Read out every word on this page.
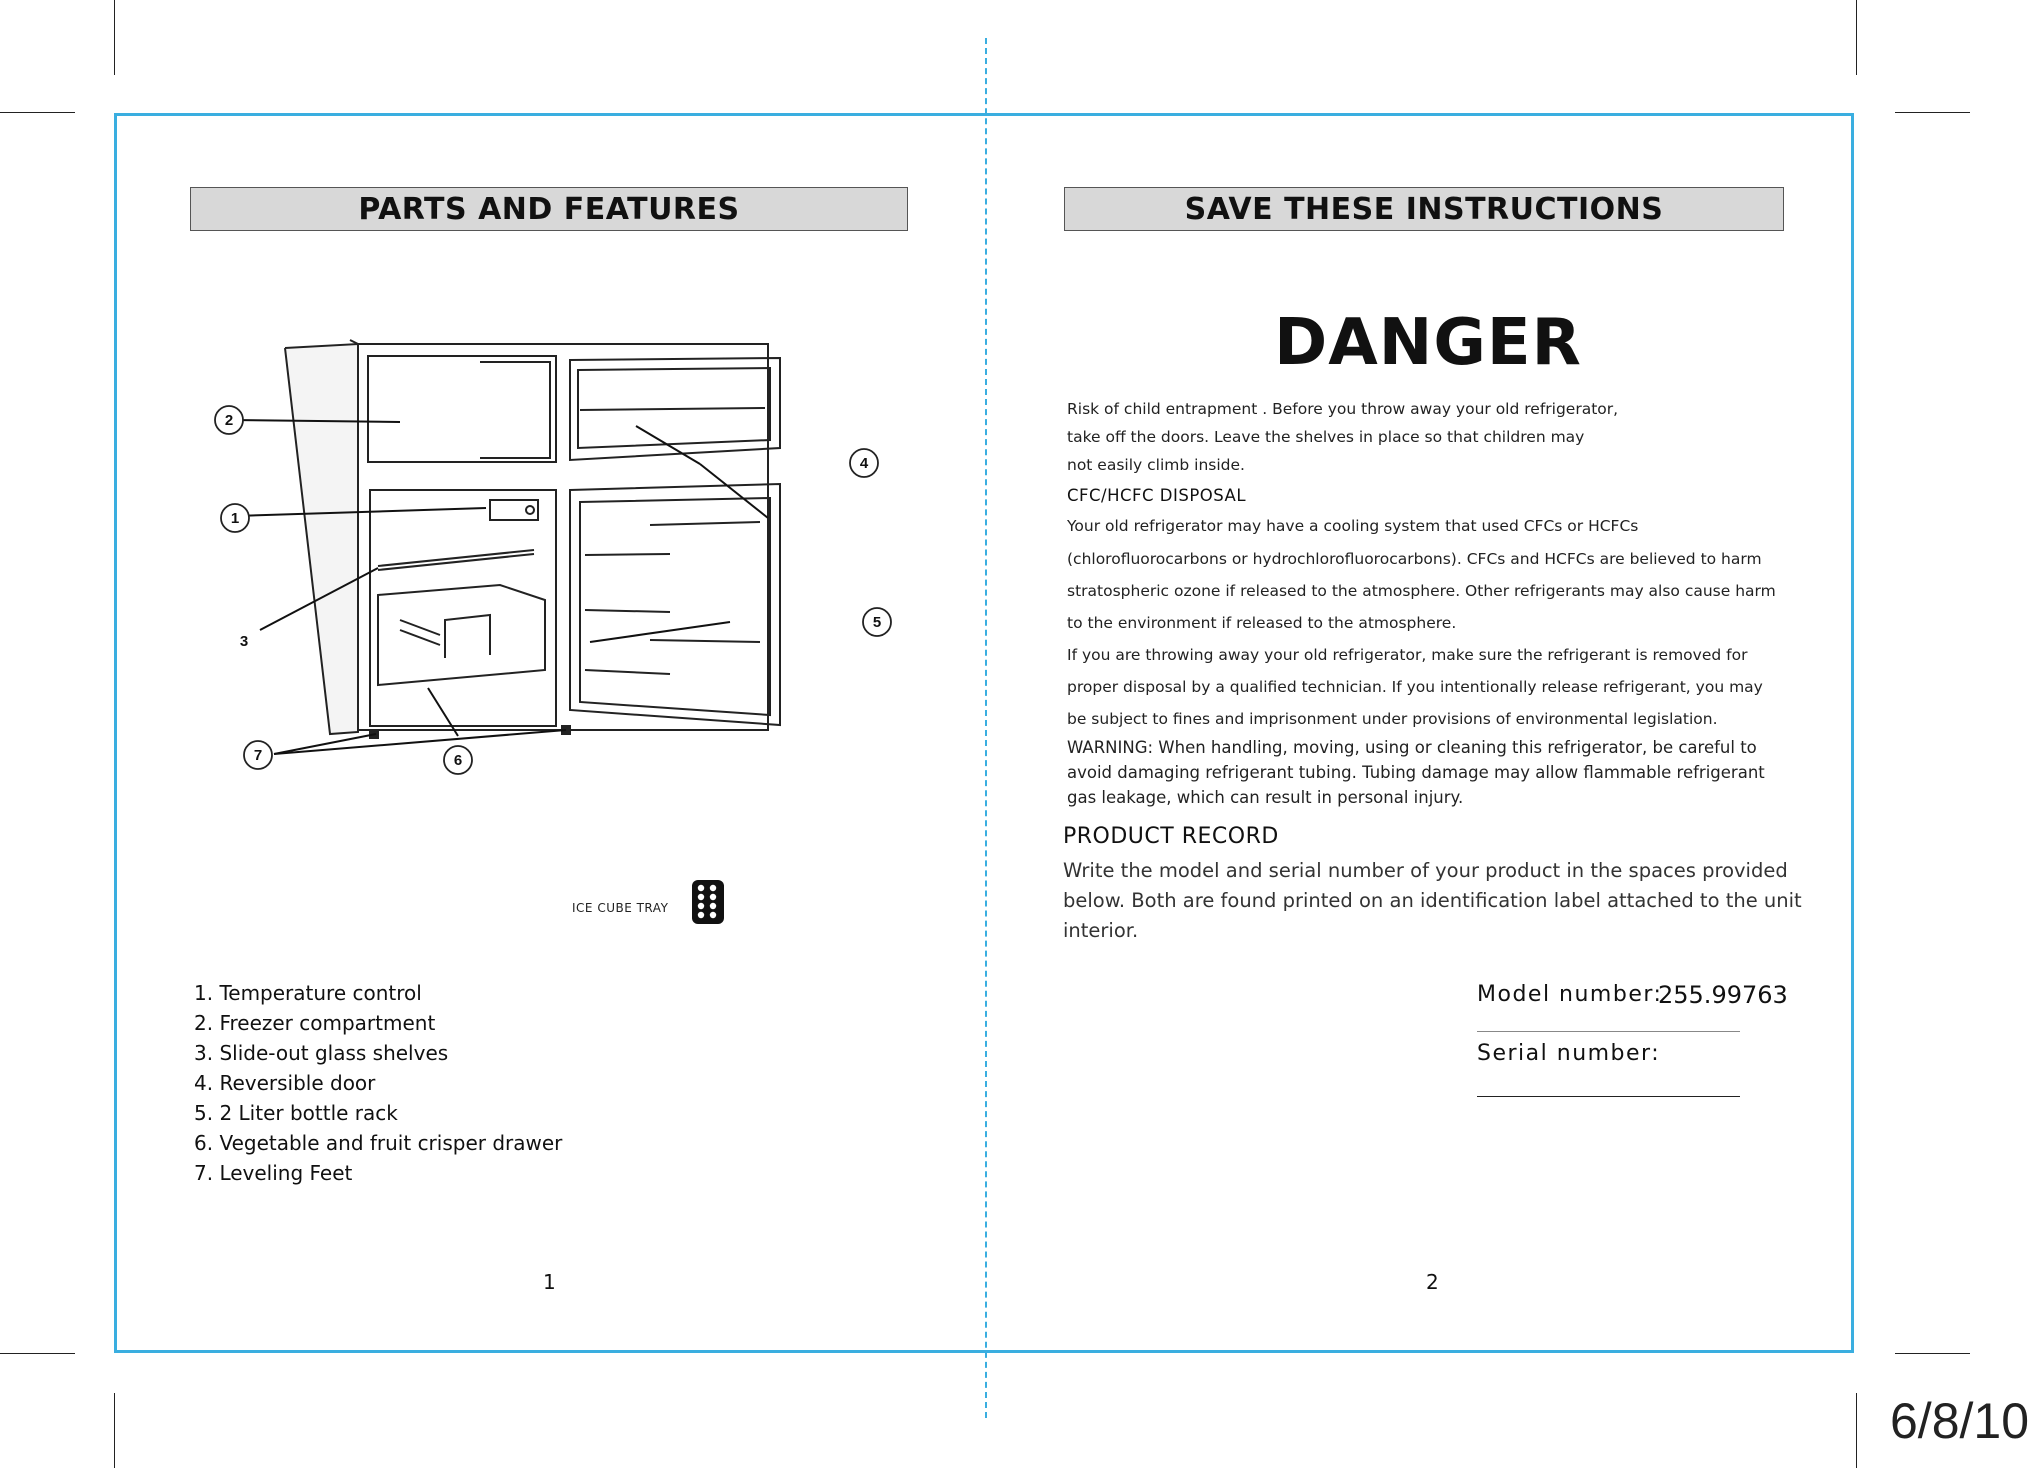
PARTS AND FEATURES
2
1
3
4
5
6
7
ICE CUBE TRAY
1. Temperature control
2. Freezer compartment
3. Slide-out glass shelves
4. Reversible door
5. 2 Liter bottle rack
6. Vegetable and fruit crisper drawer
7. Leveling Feet
1
SAVE THESE INSTRUCTIONS
DANGER
Risk of child entrapment . Before you throw away your old refrigerator,
take off the doors. Leave the shelves in place so that children may
not easily climb inside.
CFC/HCFC DISPOSAL
Your old refrigerator may have a cooling system that used CFCs or HCFCs
(chlorofluorocarbons or hydrochlorofluorocarbons). CFCs and HCFCs are believed to harm
stratospheric ozone if released to the atmosphere. Other refrigerants may also cause harm
to the environment if released to the atmosphere.
If you are throwing away your old refrigerator, make sure the refrigerant is removed for
proper disposal by a qualified technician. If you intentionally release refrigerant, you may
be subject to fines and imprisonment under provisions of environmental legislation.
WARNING: When handling, moving, using or cleaning this refrigerator, be careful to
avoid damaging refrigerant tubing. Tubing damage may allow flammable refrigerant
gas leakage, which can result in personal injury.
PRODUCT RECORD
Write the model and serial number of your product in the spaces provided
below. Both are found printed on an identification label attached to the unit
interior.
Model number:
255.99763
Serial number:
2
6/8/10
